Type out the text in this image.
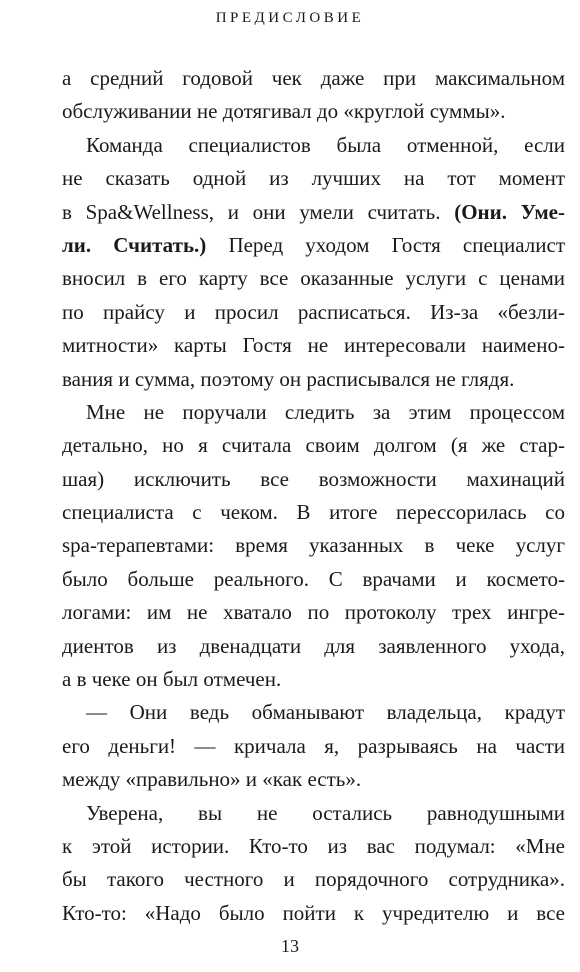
ПРЕДИСЛОВИЕ
а средний годовой чек даже при максимальном
обслуживании не дотягивал до «круглой суммы».
Команда специалистов была отменной, если
не сказать одной из лучших на тот момент
в Spa&Wellness, и они умели считать. (Они. Уме-
ли. Считать.) Перед уходом Гостя специалист
вносил в его карту все оказанные услуги с ценами
по прайсу и просил расписаться. Из-за «безли-
митности» карты Гостя не интересовали наимено-
вания и сумма, поэтому он расписывался не глядя.
Мне не поручали следить за этим процессом
детально, но я считала своим долгом (я же стар-
шая) исключить все возможности махинаций
специалиста с чеком. В итоге перессорилась со
spa-терапевтами: время указанных в чеке услуг
было больше реального. С врачами и космето-
логами: им не хватало по протоколу трех ингре-
диентов из двенадцати для заявленного ухода,
а в чеке он был отмечен.
— Они ведь обманывают владельца, крадут
его деньги! — кричала я, разрываясь на части
между «правильно» и «как есть».
Уверена, вы не остались равнодушными
к этой истории. Кто-то из вас подумал: «Мне
бы такого честного и порядочного сотрудника».
Кто-то: «Надо было пойти к учредителю и все
13
